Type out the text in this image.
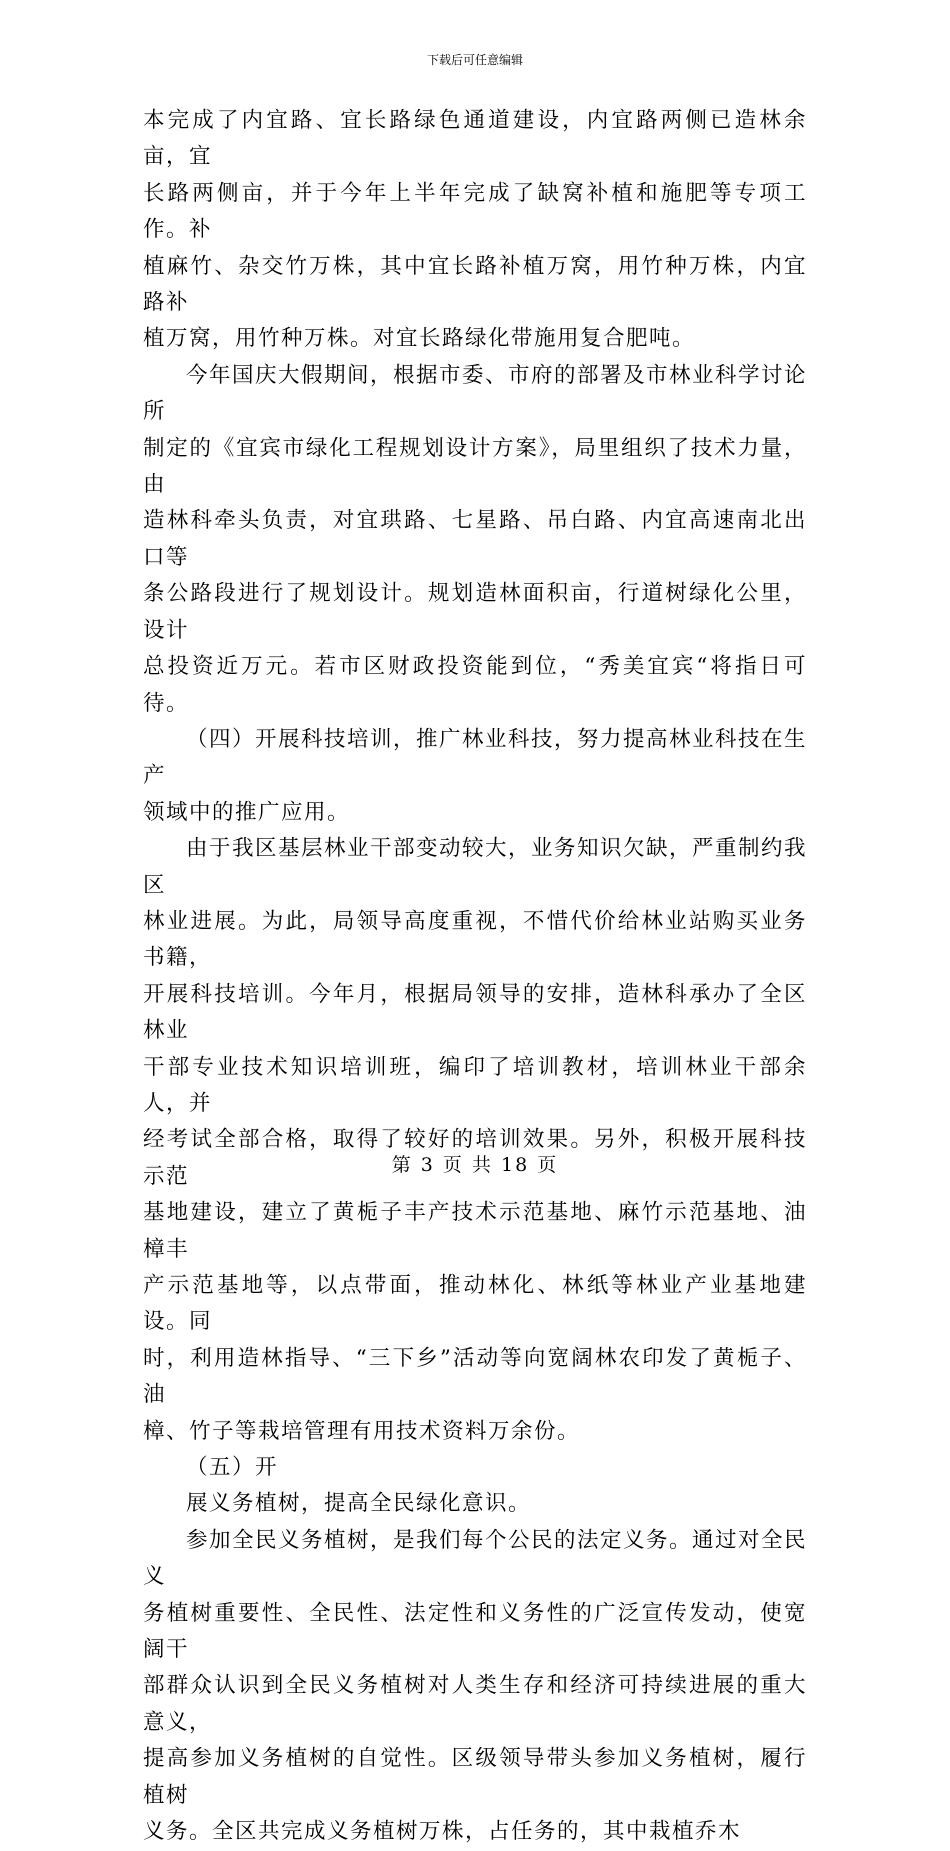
下载后可任意编辑

本完成了内宜路、宜长路绿色通道建设，内宜路两侧已造林余亩，宜
长路两侧亩，并于今年上半年完成了缺窝补植和施肥等专项工作。补
植麻竹、杂交竹万株，其中宜长路补植万窝，用竹种万株，内宜路补
植万窝，用竹种万株。对宜长路绿化带施用复合肥吨。

今年国庆大假期间，根据市委、市府的部署及市林业科学讨论所
制定的《宜宾市绿化工程规划设计方案》，局里组织了技术力量，由
造林科牵头负责，对宜珙路、七星路、吊白路、内宜高速南北出口等
条公路段进行了规划设计。规划造林面积亩，行道树绿化公里，设计
总投资近万元。若市区财政投资能到位，“秀美宜宾“将指日可待。

（四）开展科技培训，推广林业科技，努力提高林业科技在生产
领域中的推广应用。

由于我区基层林业干部变动较大，业务知识欠缺，严重制约我区
林业进展。为此，局领导高度重视，不惜代价给林业站购买业务书籍，
开展科技培训。今年月，根据局领导的安排，造林科承办了全区林业
干部专业技术知识培训班，编印了培训教材，培训林业干部余人，并
经考试全部合格，取得了较好的培训效果。另外，积极开展科技示范
基地建设，建立了黄栀子丰产技术示范基地、麻竹示范基地、油樟丰
产示范基地等，以点带面，推动林化、林纸等林业产业基地建设。同
时，利用造林指导、“三下乡”活动等向宽阔林农印发了黄栀子、油
樟、竹子等栽培管理有用技术资料万余份。

（五）开

展义务植树，提高全民绿化意识。

参加全民义务植树，是我们每个公民的法定义务。通过对全民义
务植树重要性、全民性、法定性和义务性的广泛宣传发动，使宽阔干
部群众认识到全民义务植树对人类生存和经济可持续进展的重大意义，
提高参加义务植树的自觉性。区级领导带头参加义务植树，履行植树
义务。全区共完成义务植树万株，占任务的，其中栽植乔木

第 3 页 共 18 页
